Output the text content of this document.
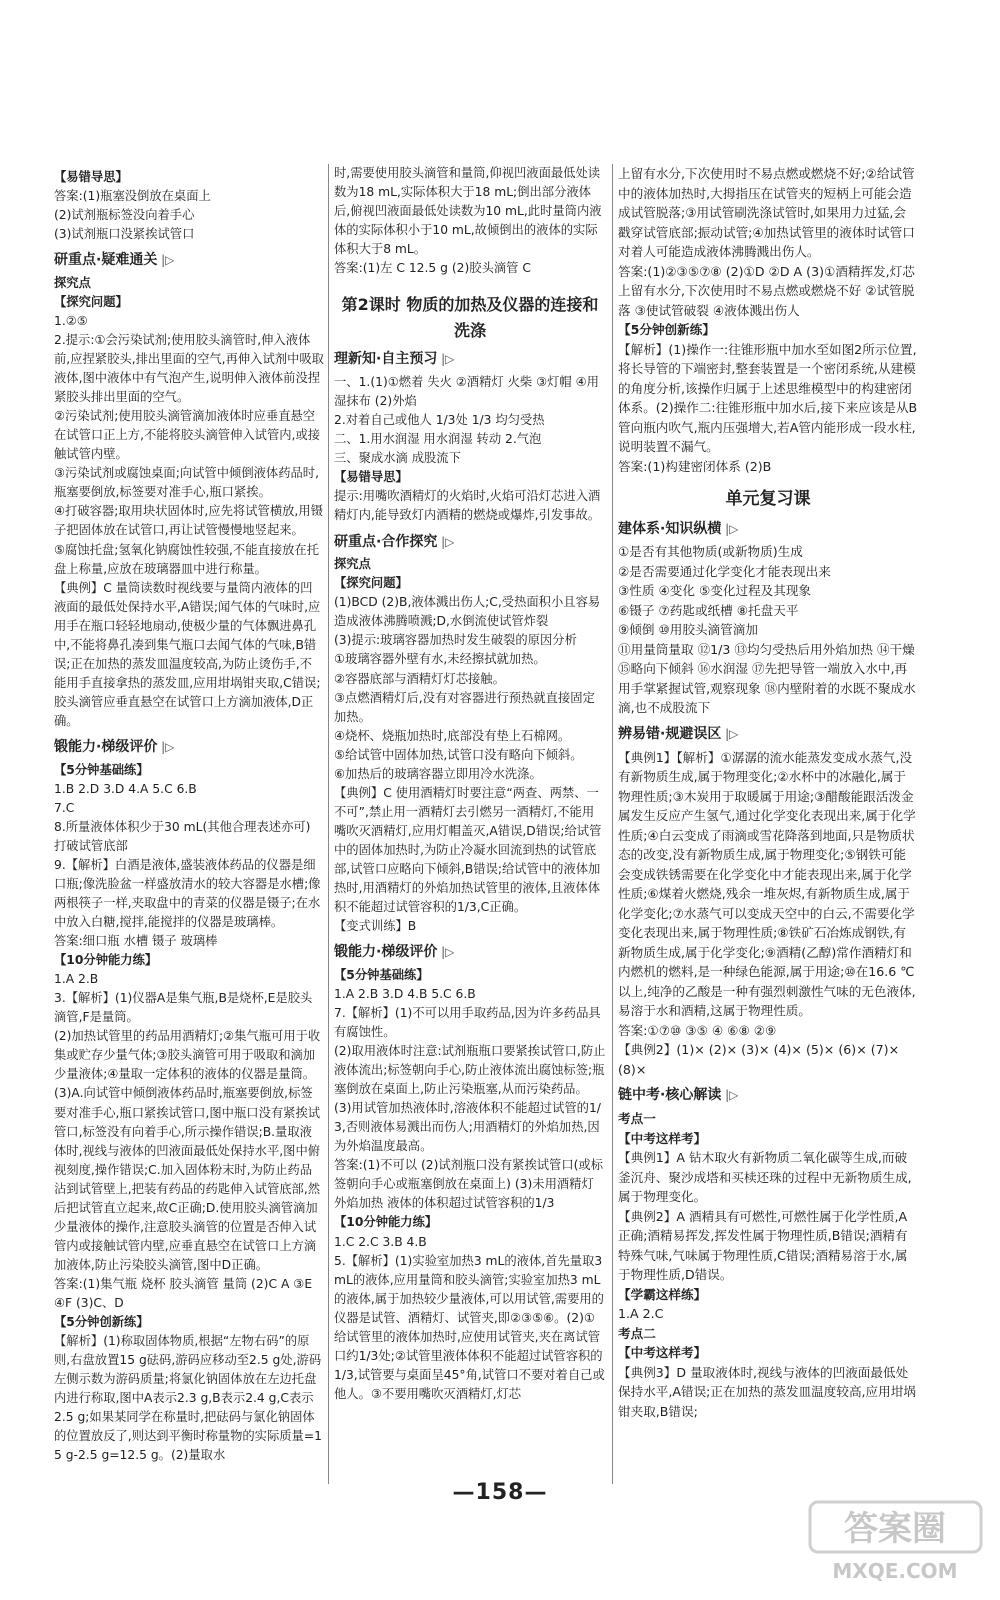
【易错导思】
答案:(1)瓶塞没倒放在桌面上
(2)试剂瓶标签没向着手心
(3)试剂瓶口没紧挨试管口
研重点·疑难通关 |▷
探究点
【探究问题】
1.②⑤
2.提示:①会污染试剂;使用胶头滴管时,伸入液体前,应捏紧胶头,排出里面的空气,再伸入试剂中吸取液体,图中液体中有气泡产生,说明伸入液体前没捏紧胶头排出里面的空气。
②污染试剂;使用胶头滴管滴加液体时应垂直悬空在试管口正上方,不能将胶头滴管伸入试管内,或接触试管内壁。
③污染试剂或腐蚀桌面;向试管中倾倒液体药品时,瓶塞要倒放,标签要对准手心,瓶口紧挨。
④打破容器;取用块状固体时,应先将试管横放,用镊子把固体放在试管口,再让试管慢慢地竖起来。
⑤腐蚀托盘;氢氧化钠腐蚀性较强,不能直接放在托盘上称量,应放在玻璃器皿中进行称量。
【典例】C 量筒读数时视线要与量筒内液体的凹液面的最低处保持水平,A错误;闻气体的气味时,应用手在瓶口轻轻地扇动,使极少量的气体飘进鼻孔中,不能将鼻孔凑到集气瓶口去闻气体的气味,B错误;正在加热的蒸发皿温度较高,为防止烫伤手,不能用手直接拿热的蒸发皿,应用坩埚钳夹取,C错误;胶头滴管应垂直悬空在试管口上方滴加液体,D正确。
锻能力·梯级评价 |▷
【5分钟基础练】
1.B 2.D 3.D 4.A 5.C 6.B
7.C
8.所量液体体积少于30 mL(其他合理表述亦可) 打破试管底部
9.【解析】白酒是液体,盛装液体药品的仪器是细口瓶;像洗脸盆一样盛放清水的较大容器是水槽;像两根筷子一样,夹取盘中的青菜的仪器是镊子;在水中放入白糖,搅拌,能搅拌的仪器是玻璃棒。
答案:细口瓶 水槽 镊子 玻璃棒
【10分钟能力练】
1.A 2.B
3.【解析】(1)仪器A是集气瓶,B是烧杯,E是胶头滴管,F是量筒。
(2)加热试管里的药品用酒精灯;②集气瓶可用于收集或贮存少量气体;③胶头滴管可用于吸取和滴加少量液体;④量取一定体积的液体的仪器是量筒。
(3)A.向试管中倾倒液体药品时,瓶塞要倒放,标签要对准手心,瓶口紧挨试管口,图中瓶口没有紧挨试管口,标签没有向着手心,所示操作错误;B.量取液体时,视线与液体的凹液面最低处保持水平,图中俯视刻度,操作错误;C.加入固体粉末时,为防止药品沾到试管壁上,把装有药品的药匙伸入试管底部,然后把试管直立起来,故C正确;D.使用胶头滴管滴加少量液体的操作,注意胶头滴管的位置是否伸入试管内或接触试管内壁,应垂直悬空在试管口上方滴加液体,防止污染胶头滴管,图中D正确。
答案:(1)集气瓶 烧杯 胶头滴管 量筒 (2)C A ③E ④F (3)C、D
【5分钟创新练】
【解析】(1)称取固体物质,根据“左物右码”的原则,右盘放置15 g砝码,游码应移动至2.5 g处,游码左侧示数为游码质量;将氯化钠固体放在左边托盘内进行称取,图中A表示2.3 g,B表示2.4 g,C表示2.5 g;如果某同学在称量时,把砝码与氯化钠固体的位置放反了,则达到平衡时称量物的实际质量=15 g-2.5 g=12.5 g。(2)量取水
时,需要使用胶头滴管和量筒,仰视凹液面最低处读数为18 mL,实际体积大于18 mL;倒出部分液体后,俯视凹液面最低处读数为10 mL,此时量筒内液体的实际体积小于10 mL,故倾倒出的液体的实际体积大于8 mL。
答案:(1)左 C 12.5 g (2)胶头滴管 C
第2课时 物质的加热及仪器的连接和洗涤
理新知·自主预习 |▷
一、1.(1)①燃着 失火 ②酒精灯 火柴 ③灯帽 ④用湿抹布 (2)外焰
2.对着自己或他人 1/3处 1/3 均匀受热
二、1.用水润湿 用水润湿 转动 2.气泡
三、聚成水滴 成股流下
【易错导思】
提示:用嘴吹酒精灯的火焰时,火焰可沿灯芯进入酒精灯内,能导致灯内酒精的燃烧或爆炸,引发事故。
研重点·合作探究 |▷
探究点
【探究问题】
(1)BCD (2)B,液体溅出伤人;C,受热面积小且容易造成液体沸腾喷溅;D,水倒流使试管炸裂
(3)提示:玻璃容器加热时发生破裂的原因分析
①玻璃容器外壁有水,未经擦拭就加热。
②容器底部与酒精灯灯芯接触。
③点燃酒精灯后,没有对容器进行预热就直接固定加热。
④烧杯、烧瓶加热时,底部没有垫上石棉网。
⑤给试管中固体加热,试管口没有略向下倾斜。
⑥加热后的玻璃容器立即用冷水洗涤。
【典例】C 使用酒精灯时要注意“两查、两禁、一不可”,禁止用一酒精灯去引燃另一酒精灯,不能用嘴吹灭酒精灯,应用灯帽盖灭,A错误,D错误;给试管中的固体加热时,为防止冷凝水回流到热的试管底部,试管口应略向下倾斜,B错误;给试管中的液体加热时,用酒精灯的外焰加热试管里的液体,且液体体积不能超过试管容积的1/3,C正确。
【变式训练】B
锻能力·梯级评价 |▷
【5分钟基础练】
1.A 2.B 3.D 4.B 5.C 6.B
7.【解析】(1)不可以用手取药品,因为许多药品具有腐蚀性。
(2)取用液体时注意:试剂瓶瓶口要紧挨试管口,防止液体流出;标签朝向手心,防止液体流出腐蚀标签;瓶塞倒放在桌面上,防止污染瓶塞,从而污染药品。
(3)用试管加热液体时,溶液体积不能超过试管的1/3,否则液体易溅出而伤人;用酒精灯的外焰加热,因为外焰温度最高。
答案:(1)不可以 (2)试剂瓶口没有紧挨试管口(或标签朝向手心或瓶塞倒放在桌面上) (3)未用酒精灯外焰加热 液体的体积超过试管容积的1/3
【10分钟能力练】
1.C 2.C 3.B 4.B
5.【解析】(1)实验室加热3 mL的液体,首先量取3 mL的液体,应用量筒和胶头滴管;实验室加热3 mL的液体,属于加热较少量液体,可以用试管,需要用的仪器是试管、酒精灯、试管夹,即②③⑤⑥。(2)①给试管里的液体加热时,应使用试管夹,夹在离试管口约1/3处;②试管里液体体积不能超过试管容积的1/3,试管要与桌面呈45°角,试管口不要对着自己或他人。③不要用嘴吹灭酒精灯,灯芯
上留有水分,下次使用时不易点燃或燃烧不好;②给试管中的液体加热时,大拇指压在试管夹的短柄上可能会造成试管脱落;③用试管刷洗涤试管时,如果用力过猛,会戳穿试管底部;振动试管;④加热试管里的液体时试管口对着人可能造成液体沸腾溅出伤人。
答案:(1)②③⑤⑦⑧ (2)①D ②D A (3)①酒精挥发,灯芯上留有水分,下次使用时不易点燃或燃烧不好 ②试管脱落 ③使试管破裂 ④液体溅出伤人
【5分钟创新练】
【解析】(1)操作一:往锥形瓶中加水至如图2所示位置,将长导管的下端密封,整套装置是一个密闭系统,从建模的角度分析,该操作归属于上述思维模型中的构建密闭体系。(2)操作二:往锥形瓶中加水后,接下来应该是从B管向瓶内吹气,瓶内压强增大,若A管内能形成一段水柱,说明装置不漏气。
答案:(1)构建密闭体系 (2)B
单元复习课
建体系·知识纵横 |▷
①是否有其他物质(或新物质)生成
②是否需要通过化学变化才能表现出来
③性质 ④变化 ⑤变化过程及其现象
⑥镊子 ⑦药匙或纸槽 ⑧托盘天平
⑨倾倒 ⑩用胶头滴管滴加
⑪用量筒量取 ⑫1/3 ⑬均匀受热后用外焰加热 ⑭干燥 ⑮略向下倾斜 ⑯水润湿 ⑰先把导管一端放入水中,再用手掌紧握试管,观察现象 ⑱内壁附着的水既不聚成水滴,也不成股流下
辨易错·规避误区 |▷
【典例1】【解析】①潺潺的流水能蒸发变成水蒸气,没有新物质生成,属于物理变化;②水杯中的冰融化,属于物理性质;③木炭用于取暖属于用途;③醋酸能跟活泼金属发生反应产生氢气,通过化学变化表现出来,属于化学性质;④白云变成了雨滴或雪花降落到地面,只是物质状态的改变,没有新物质生成,属于物理变化;⑤钢铁可能会变成铁锈需要在化学变化中才能表现出来,属于化学性质;⑥煤着火燃烧,残余一堆灰烬,有新物质生成,属于化学变化;⑦水蒸气可以变成天空中的白云,不需要化学变化表现出来,属于物理性质;⑧铁矿石冶炼成钢铁,有新物质生成,属于化学变化;⑨酒精(乙醇)常作酒精灯和内燃机的燃料,是一种绿色能源,属于用途;⑩在16.6 ℃以上,纯净的乙酸是一种有强烈刺激性气味的无色液体,易溶于水和酒精,这属于物理性质。
答案:①⑦⑩ ③⑤ ④ ⑥⑧ ②⑨
【典例2】(1)× (2)× (3)× (4)× (5)× (6)× (7)× (8)×
链中考·核心解读 |▷
考点一
【中考这样考】
【典例1】A 钻木取火有新物质二氧化碳等生成,而破釜沉舟、聚沙成塔和买椟还珠的过程中无新物质生成,属于物理变化。
【典例2】A 酒精具有可燃性,可燃性属于化学性质,A正确;酒精易挥发,挥发性属于物理性质,B错误;酒精有特殊气味,气味属于物理性质,C错误;酒精易溶于水,属于物理性质,D错误。
【学霸这样练】
1.A 2.C
考点二
【中考这样考】
【典例3】D 量取液体时,视线与液体的凹液面最低处保持水平,A错误;正在加热的蒸发皿温度较高,应用坩埚钳夹取,B错误;
—158—
答案圈
MXQE.COM
